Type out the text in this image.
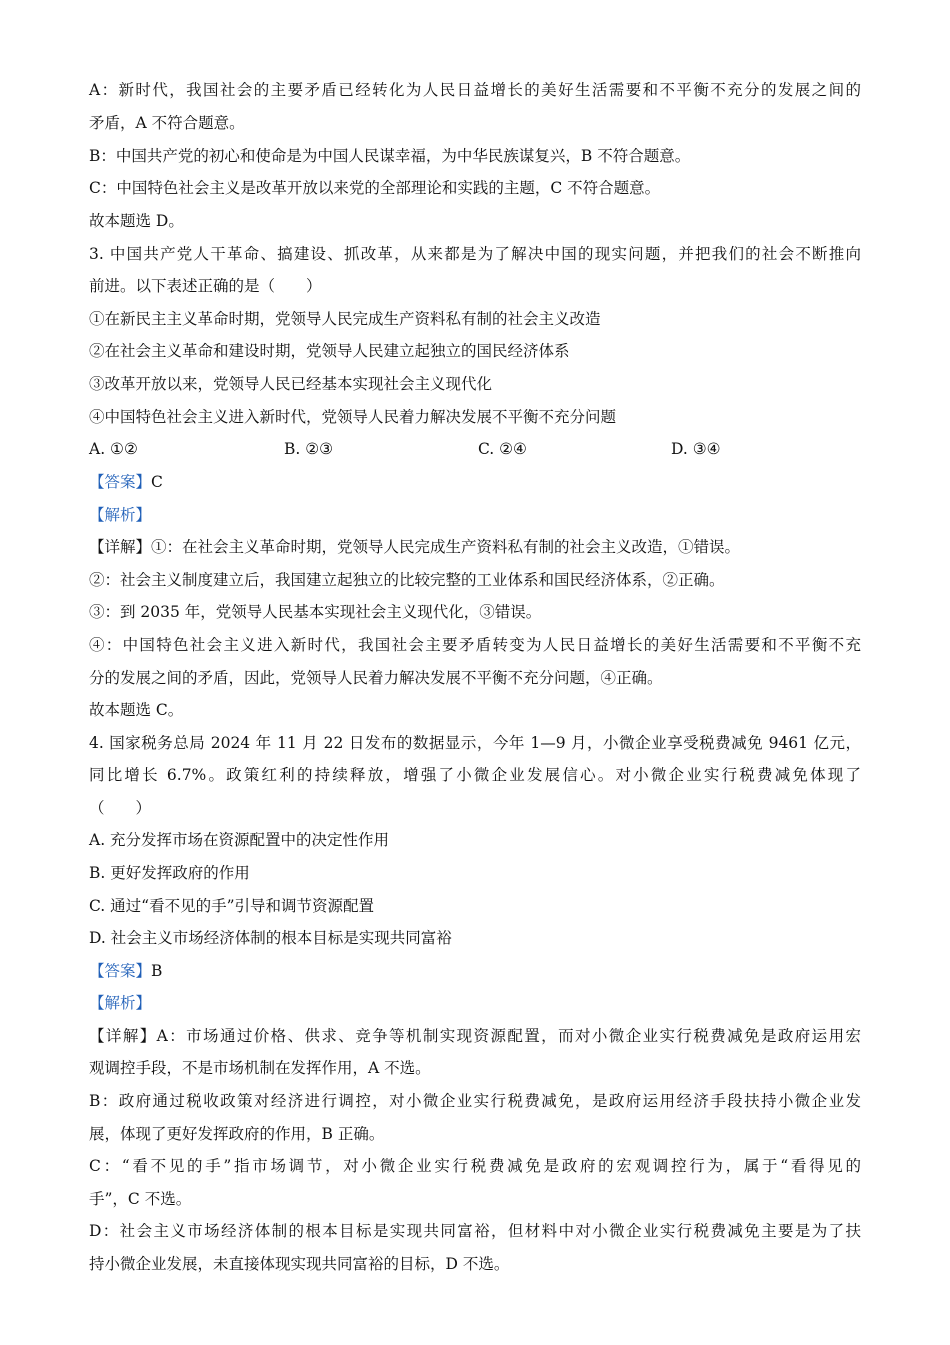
A：新时代，我国社会的主要矛盾已经转化为人民日益增长的美好生活需要和不平衡不充分的发展之间的
矛盾，A 不符合题意。
B：中国共产党的初心和使命是为中国人民谋幸福，为中华民族谋复兴，B 不符合题意。
C：中国特色社会主义是改革开放以来党的全部理论和实践的主题，C 不符合题意。
故本题选 D。
3. 中国共产党人干革命、搞建设、抓改革，从来都是为了解决中国的现实问题，并把我们的社会不断推向
前进。以下表述正确的是（　　）
①在新民主主义革命时期，党领导人民完成生产资料私有制的社会主义改造
②在社会主义革命和建设时期，党领导人民建立起独立的国民经济体系
③改革开放以来，党领导人民已经基本实现社会主义现代化
④中国特色社会主义进入新时代，党领导人民着力解决发展不平衡不充分问题
A. ①②	B. ②③	C. ②④	D. ③④
【答案】C
【解析】
【详解】①：在社会主义革命时期，党领导人民完成生产资料私有制的社会主义改造，①错误。
②：社会主义制度建立后，我国建立起独立的比较完整的工业体系和国民经济体系，②正确。
③：到 2035 年，党领导人民基本实现社会主义现代化，③错误。
④：中国特色社会主义进入新时代，我国社会主要矛盾转变为人民日益增长的美好生活需要和不平衡不充
分的发展之间的矛盾，因此，党领导人民着力解决发展不平衡不充分问题，④正确。
故本题选 C。
4. 国家税务总局 2024 年 11 月 22 日发布的数据显示，今年 1—9 月，小微企业享受税费减免 9461 亿元，
同比增长 6.7%。政策红利的持续释放，增强了小微企业发展信心。对小微企业实行税费减免体现了
（　　）
A. 充分发挥市场在资源配置中的决定性作用
B. 更好发挥政府的作用
C. 通过“看不见的手”引导和调节资源配置
D. 社会主义市场经济体制的根本目标是实现共同富裕
【答案】B
【解析】
【详解】A：市场通过价格、供求、竞争等机制实现资源配置，而对小微企业实行税费减免是政府运用宏
观调控手段，不是市场机制在发挥作用，A 不选。
B：政府通过税收政策对经济进行调控，对小微企业实行税费减免，是政府运用经济手段扶持小微企业发
展，体现了更好发挥政府的作用，B 正确。
C：“看不见的手”指市场调节，对小微企业实行税费减免是政府的宏观调控行为，属于“看得见的
手”，C 不选。
D：社会主义市场经济体制的根本目标是实现共同富裕，但材料中对小微企业实行税费减免主要是为了扶
持小微企业发展，未直接体现实现共同富裕的目标，D 不选。
